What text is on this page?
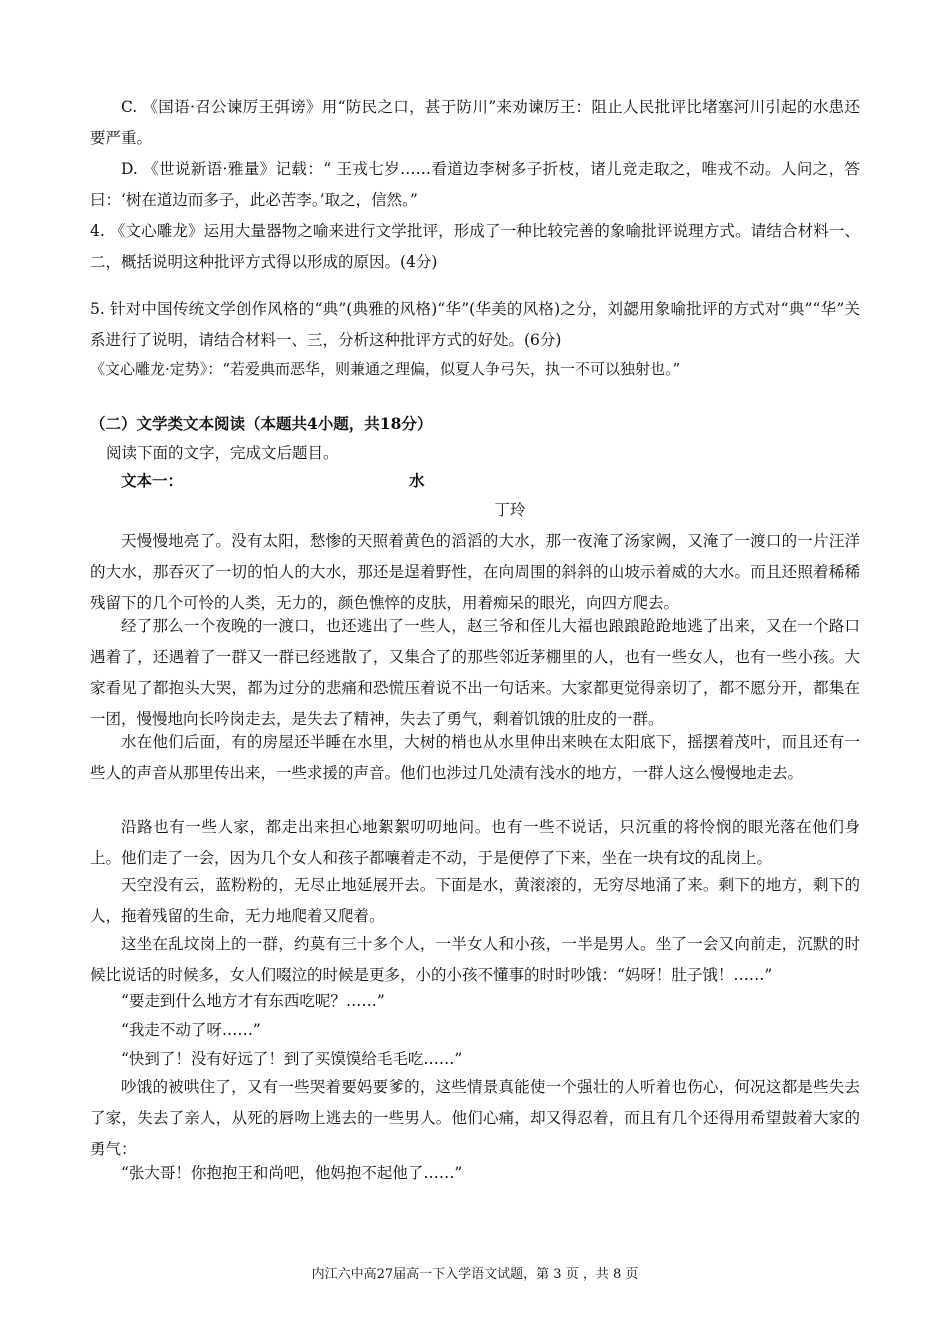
C. 《国语·召公谏厉王弭谤》用“防民之口，甚于防川”来劝谏厉王：阻止人民批评比堵塞河川引起的水患还要严重。

D. 《世说新语·雅量》记载：“ 王戎七岁……看道边李树多子折枝，诸儿竞走取之，唯戎不动。人问之，答曰：‘树在道边而多子，此必苦李。’取之，信然。”

4. 《文心雕龙》运用大量器物之喻来进行文学批评，形成了一种比较完善的象喻批评说理方式。请结合材料一、二，概括说明这种批评方式得以形成的原因。(4分)

5. 针对中国传统文学创作风格的“典”(典雅的风格)“华”(华美的风格)之分，刘勰用象喻批评的方式对“典”“华”关系进行了说明，请结合材料一、三，分析这种批评方式的好处。(6分)

《文心雕龙·定势》：“若爱典而恶华，则兼通之理偏，似夏人争弓矢，执一不可以独射也。”

（二）文学类文本阅读（本题共4小题，共18分）

阅读下面的文字，完成文后题目。

文本一：	水
丁玲

天慢慢地亮了。没有太阳，愁惨的天照着黄色的滔滔的大水，那一夜淹了汤家阙，又淹了一渡口的一片汪洋的大水，那吞灭了一切的怕人的大水，那还是逞着野性，在向周围的斜斜的山坡示着威的大水。而且还照着稀稀残留下的几个可怜的人类，无力的，颜色憔悴的皮肤，用着痴呆的眼光，向四方爬去。

经了那么一个夜晚的一渡口，也还逃出了一些人，赵三爷和侄儿大福也踉踉跄跄地逃了出来，又在一个路口遇着了，还遇着了一群又一群已经逃散了，又集合了的那些邻近茅棚里的人，也有一些女人，也有一些小孩。大家看见了都抱头大哭，都为过分的悲痛和恐慌压着说不出一句话来。大家都更觉得亲切了，都不愿分开，都集在一团，慢慢地向长吟岗走去，是失去了精神，失去了勇气，剩着饥饿的肚皮的一群。

水在他们后面，有的房屋还半睡在水里，大树的梢也从水里伸出来映在太阳底下，摇摆着茂叶，而且还有一些人的声音从那里传出来，一些求援的声音。他们也涉过几处渍有浅水的地方，一群人这么慢慢地走去。

沿路也有一些人家，都走出来担心地絮絮叨叨地问。也有一些不说话，只沉重的将怜悯的眼光落在他们身上。他们走了一会，因为几个女人和孩子都嚷着走不动，于是便停了下来，坐在一块有坟的乱岗上。

天空没有云，蓝粉粉的，无尽止地延展开去。下面是水，黄滚滚的，无穷尽地涌了来。剩下的地方，剩下的人，拖着残留的生命，无力地爬着又爬着。

这坐在乱坟岗上的一群，约莫有三十多个人，一半女人和小孩，一半是男人。坐了一会又向前走，沉默的时候比说话的时候多，女人们啜泣的时候是更多，小的小孩不懂事的时时吵饿：“妈呀！肚子饿！……”

“要走到什么地方才有东西吃呢？……”

“我走不动了呀……”

“快到了！没有好远了！到了买馍馍给毛毛吃……”

吵饿的被哄住了，又有一些哭着要妈要爹的，这些情景真能使一个强壮的人听着也伤心，何况这都是些失去了家，失去了亲人，从死的唇吻上逃去的一些男人。他们心痛，却又得忍着，而且有几个还得用希望鼓着大家的勇气：

“张大哥！你抱抱王和尚吧，他妈抱不起他了……”

内江六中高27届高一下入学语文试题，第 3 页 ，共 8 页
